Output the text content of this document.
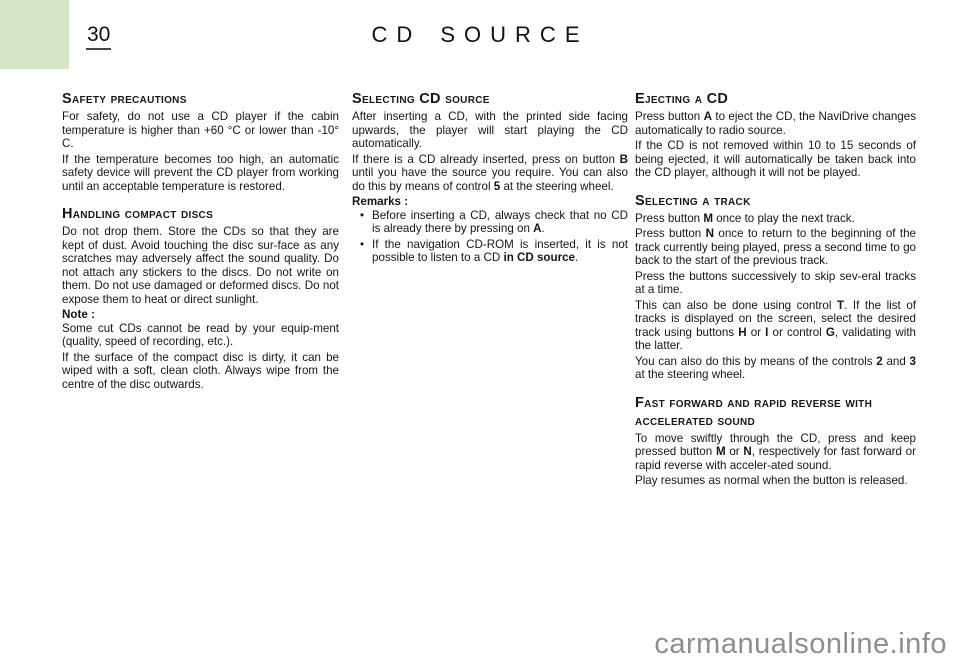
30	CD SOURCE
Safety precautions
For safety, do not use a CD player if the cabin temperature is higher than +60 °C or lower than -10° C.
If the temperature becomes too high, an automatic safety device will prevent the CD player from working until an acceptable temperature is restored.
Handling compact discs
Do not drop them. Store the CDs so that they are kept of dust. Avoid touching the disc sur-face as any scratches may adversely affect the sound quality. Do not attach any stickers to the discs. Do not write on them. Do not use damaged or deformed discs. Do not expose them to heat or direct sunlight.
Note :
Some cut CDs cannot be read by your equip-ment (quality, speed of recording, etc.).
If the surface of the compact disc is dirty, it can be wiped with a soft, clean cloth. Always wipe from the centre of the disc outwards.
Selecting CD source
After inserting a CD, with the printed side facing upwards, the player will start playing the CD automatically.
If there is a CD already inserted, press on button B until you have the source you require. You can also do this by means of control 5 at the steering wheel.
Remarks :
• Before inserting a CD, always check that no CD is already there by pressing on A.
• If the navigation CD-ROM is inserted, it is not possible to listen to a CD in CD source.
Ejecting a CD
Press button A to eject the CD, the NaviDrive changes automatically to radio source.
If the CD is not removed within 10 to 15 seconds of being ejected, it will automatically be taken back into the CD player, although it will not be played.
Selecting a track
Press button M once to play the next track.
Press button N once to return to the beginning of the track currently being played, press a second time to go back to the start of the previous track.
Press the buttons successively to skip sev-eral tracks at a time.
This can also be done using control T. If the list of tracks is displayed on the screen, select the desired track using buttons H or I or control G, validating with the latter.
You can also do this by means of the controls 2 and 3 at the steering wheel.
Fast forward and rapid reverse with accelerated sound
To move swiftly through the CD, press and keep pressed button M or N, respectively for fast forward or rapid reverse with acceler-ated sound.
Play resumes as normal when the button is released.
carmanualsonline.info
